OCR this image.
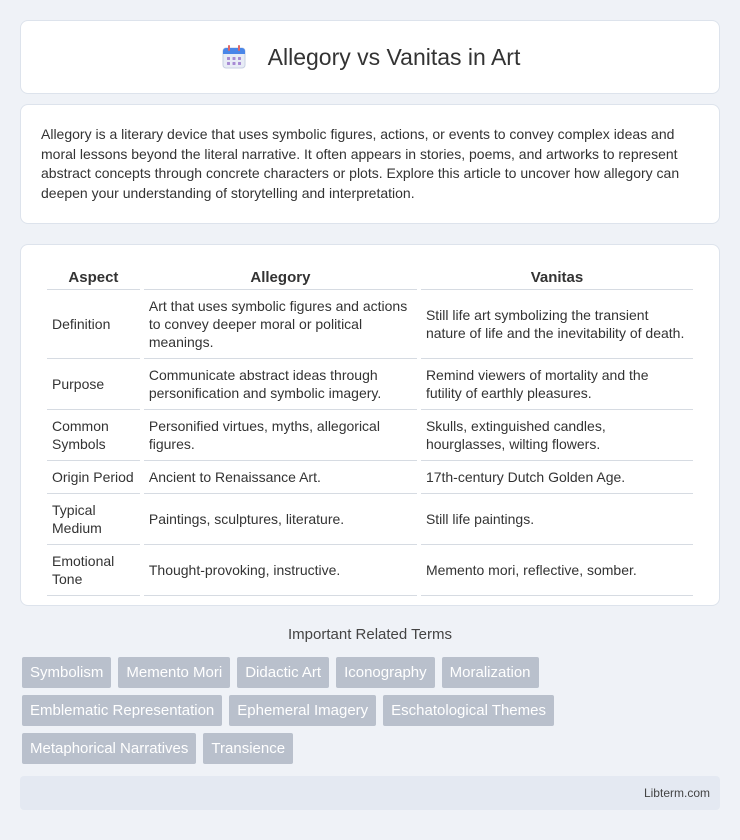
Allegory vs Vanitas in Art

Allegory is a literary device that uses symbolic figures, actions, or events to convey complex ideas and moral lessons beyond the literal narrative. It often appears in stories, poems, and artworks to represent abstract concepts through concrete characters or plots. Explore this article to uncover how allegory can deepen your understanding of storytelling and interpretation.

Aspect	Allegory	Vanitas
Definition	Art that uses symbolic figures and actions to convey deeper moral or political meanings.	Still life art symbolizing the transient nature of life and the inevitability of death.
Purpose	Communicate abstract ideas through personification and symbolic imagery.	Remind viewers of mortality and the futility of earthly pleasures.
Common Symbols	Personified virtues, myths, allegorical figures.	Skulls, extinguished candles, hourglasses, wilting flowers.
Origin Period	Ancient to Renaissance Art.	17th-century Dutch Golden Age.
Typical Medium	Paintings, sculptures, literature.	Still life paintings.
Emotional Tone	Thought-provoking, instructive.	Memento mori, reflective, somber.
Important Related Terms
Symbolism	Memento Mori	Didactic Art	Iconography	Moralization
Emblematic Representation	Ephemeral Imagery	Eschatological Themes
Metaphorical Narratives	Transience
Libterm.com
